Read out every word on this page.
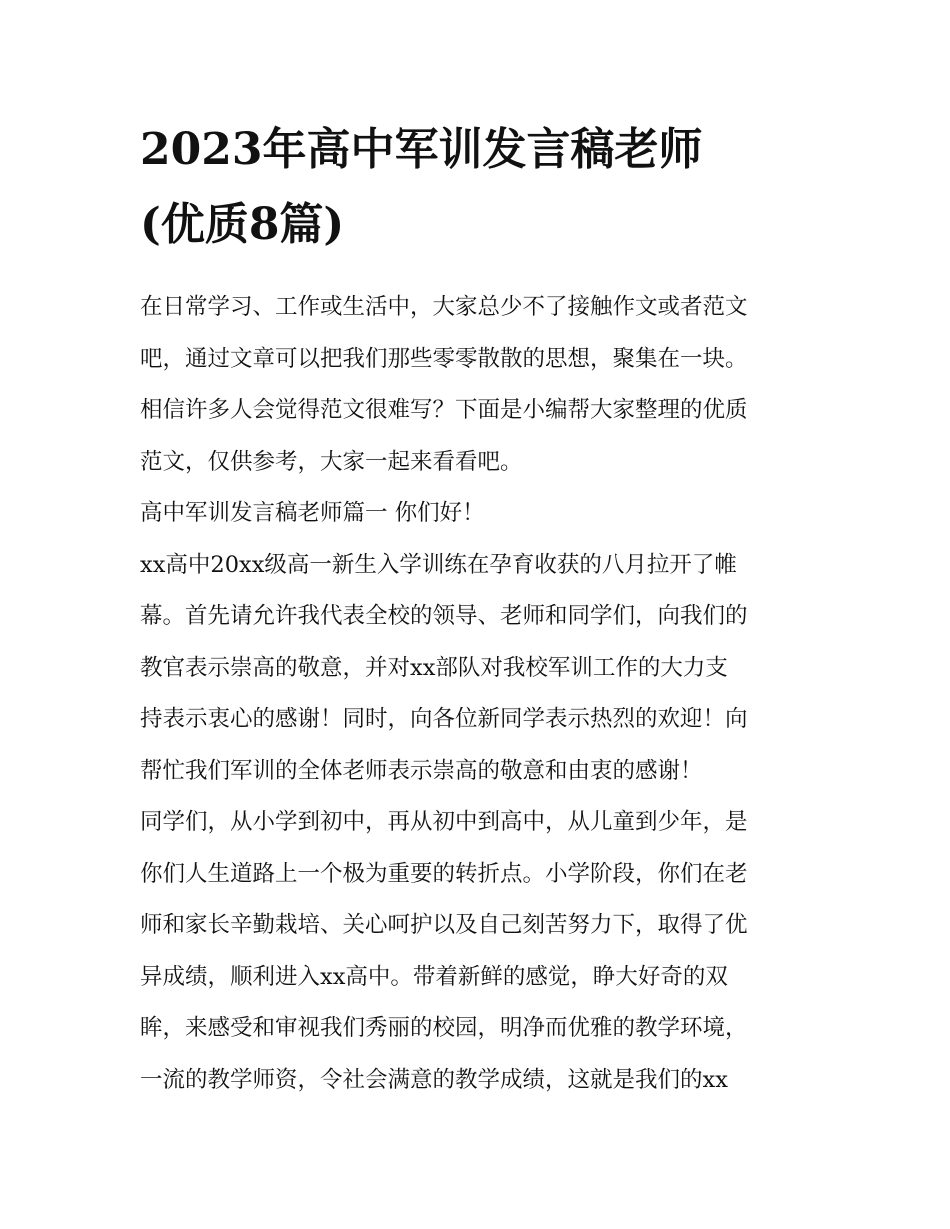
2023年高中军训发言稿老师
(优质8篇)
在日常学习、工作或生活中，大家总少不了接触作文或者范文
吧，通过文章可以把我们那些零零散散的思想，聚集在一块。
相信许多人会觉得范文很难写？下面是小编帮大家整理的优质
范文，仅供参考，大家一起来看看吧。
高中军训发言稿老师篇一 你们好！
xx高中20xx级高一新生入学训练在孕育收获的八月拉开了帷
幕。首先请允许我代表全校的领导、老师和同学们，向我们的
教官表示崇高的敬意，并对xx部队对我校军训工作的大力支
持表示衷心的感谢！同时，向各位新同学表示热烈的欢迎！向
帮忙我们军训的全体老师表示崇高的敬意和由衷的感谢！
同学们，从小学到初中，再从初中到高中，从儿童到少年，是
你们人生道路上一个极为重要的转折点。小学阶段，你们在老
师和家长辛勤栽培、关心呵护以及自己刻苦努力下，取得了优
异成绩，顺利进入xx高中。带着新鲜的感觉，睁大好奇的双
眸，来感受和审视我们秀丽的校园，明净而优雅的教学环境，
一流的教学师资，令社会满意的教学成绩，这就是我们的xx
